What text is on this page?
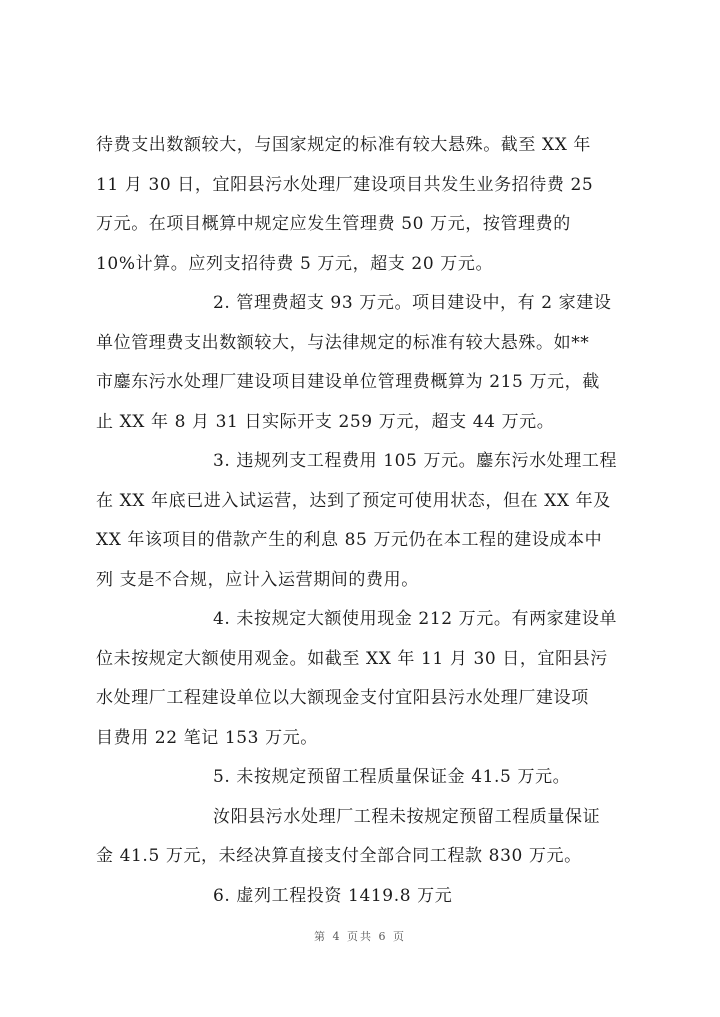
待费支出数额较大，与国家规定的标准有较大悬殊。截至 XX 年
11 月 30 日，宜阳县污水处理厂建设项目共发生业务招待费 25
万元。在项目概算中规定应发生管理费 50 万元，按管理费的
10%计算。应列支招待费 5 万元，超支 20 万元。
2. 管理费超支 93 万元。项目建设中，有 2 家建设
单位管理费支出数额较大，与法律规定的标准有较大悬殊。如**
市鏖东污水处理厂建设项目建设单位管理费概算为 215 万元，截
止 XX 年 8 月 31 日实际开支 259 万元，超支 44 万元。
3. 违规列支工程费用 105 万元。鏖东污水处理工程
在 XX 年底已进入试运营，达到了预定可使用状态，但在 XX 年及
XX 年该项目的借款产生的利息 85 万元仍在本工程的建设成本中
列 支是不合规，应计入运营期间的费用。
4. 未按规定大额使用现金 212 万元。有两家建设单
位未按规定大额使用观金。如截至 XX 年 11 月 30 日，宜阳县污
水处理厂工程建设单位以大额现金支付宜阳县污水处理厂建设项
目费用 22 笔记 153 万元。
5. 未按规定预留工程质量保证金 41.5 万元。
汝阳县污水处理厂工程未按规定预留工程质量保证
金 41.5 万元，未经决算直接支付全部合同工程款 830 万元。
6. 虚列工程投资 1419.8 万元
第 4 页共 6 页
